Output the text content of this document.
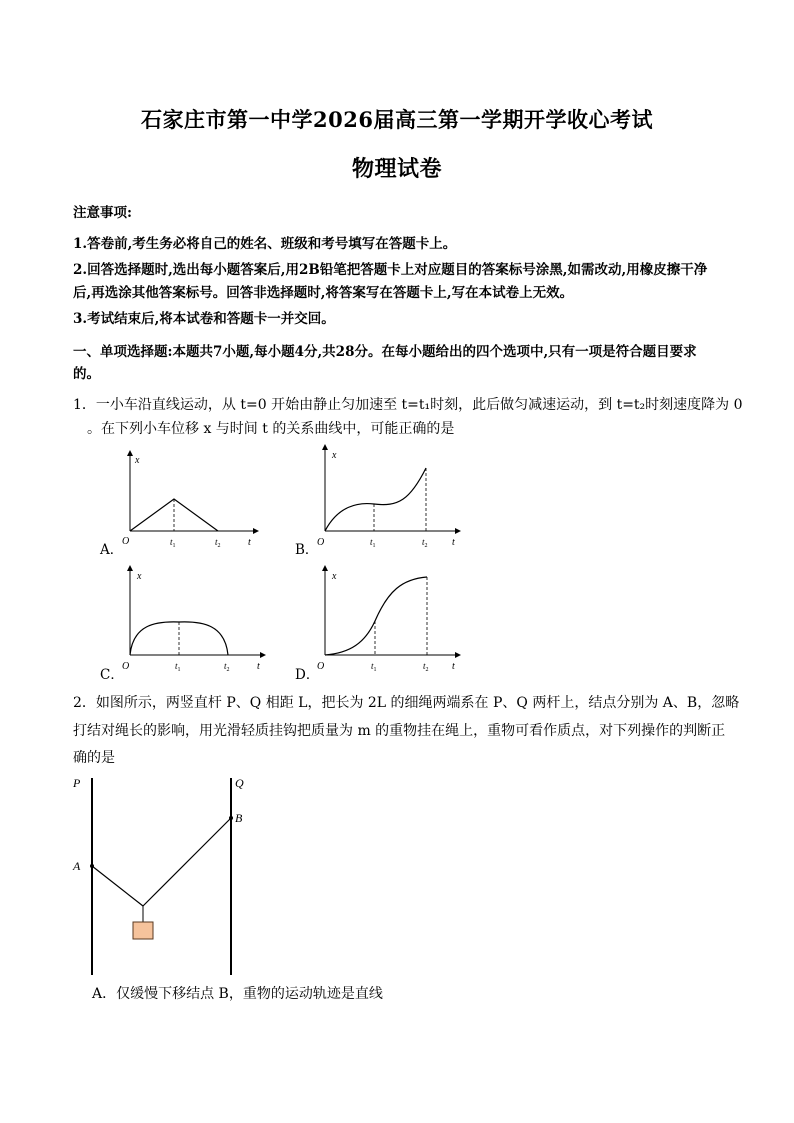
石家庄市第一中学2026届高三第一学期开学收心考试
物理试卷
注意事项:
1.答卷前,考生务必将自己的姓名、班级和考号填写在答题卡上。
2.回答选择题时,选出每小题答案后,用2B铅笔把答题卡上对应题目的答案标号涂黑,如需改动,用橡皮擦干净
后,再选涂其他答案标号。回答非选择题时,将答案写在答题卡上,写在本试卷上无效。
3.考试结束后,将本试卷和答题卡一并交回。
一、单项选择题:本题共7小题,每小题4分,共28分。在每小题给出的四个选项中,只有一项是符合题目要求
的。
1．一小车沿直线运动，从 t=0 开始由静止匀加速至 t=t₁时刻，此后做匀减速运动，到 t=t₂时刻速度降为 0
。在下列小车位移 x 与时间 t 的关系曲线中，可能正确的是
A．
x
O	$t_1$	$t_2$	t	B．
x
O	$t_1$	$t_2$ t
C．
x
O	$t_1$	$t_2$	t
D．
x
O	$t_1$	$t_2$ t
2．如图所示，两竖直杆 P、Q 相距 L，把长为 2L 的细绳两端系在 P、Q 两杆上，结点分别为 A、B，忽略
打结对绳长的影响，用光滑轻质挂钩把质量为 m 的重物挂在绳上，重物可看作质点，对下列操作的判断正
确的是
P	Q
A
B
A．仅缓慢下移结点 B，重物的运动轨迹是直线
